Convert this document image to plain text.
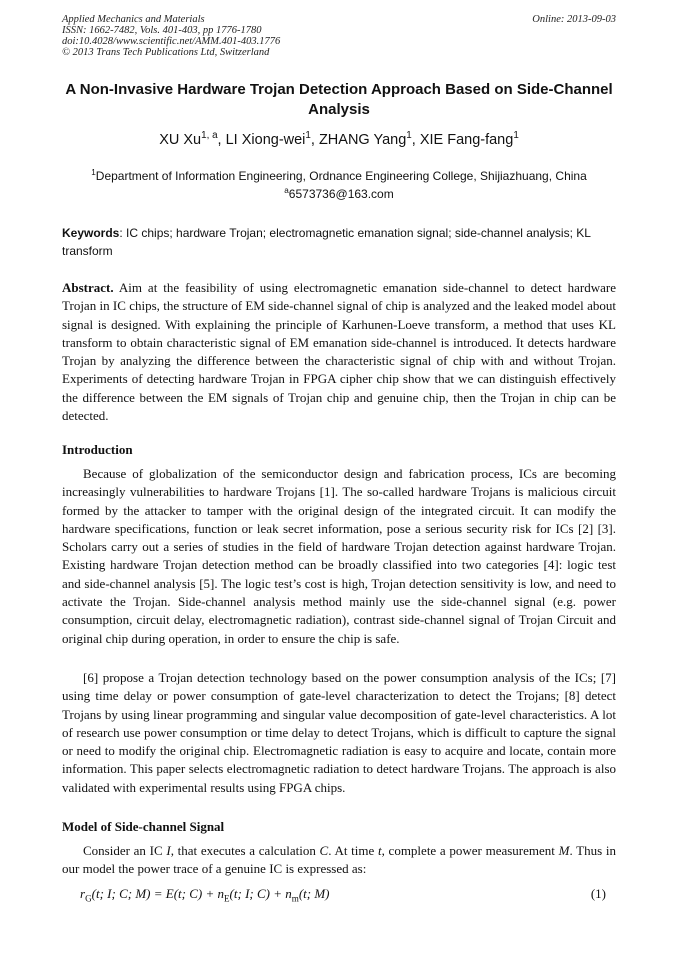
Applied Mechanics and Materials
ISSN: 1662-7482, Vols. 401-403, pp 1776-1780
doi:10.4028/www.scientific.net/AMM.401-403.1776
© 2013 Trans Tech Publications Ltd, Switzerland
Online: 2013-09-03
A Non-Invasive Hardware Trojan Detection Approach Based on Side-Channel Analysis
XU Xu$^{1, a}$, LI Xiong-wei$^1$, ZHANG Yang$^1$, XIE Fang-fang$^1$
$^1$Department of Information Engineering, Ordnance Engineering College, Shijiazhuang, China
$^a$6573736@163.com
Keywords: IC chips; hardware Trojan; electromagnetic emanation signal; side-channel analysis; KL transform
Abstract. Aim at the feasibility of using electromagnetic emanation side-channel to detect hardware Trojan in IC chips, the structure of EM side-channel signal of chip is analyzed and the leaked model about signal is designed. With explaining the principle of Karhunen-Loeve transform, a method that uses KL transform to obtain characteristic signal of EM emanation side-channel is introduced. It detects hardware Trojan by analyzing the difference between the characteristic signal of chip with and without Trojan. Experiments of detecting hardware Trojan in FPGA cipher chip show that we can distinguish effectively the difference between the EM signals of Trojan chip and genuine chip, then the Trojan in chip can be detected.
Introduction
Because of globalization of the semiconductor design and fabrication process, ICs are becoming increasingly vulnerabilities to hardware Trojans [1]. The so-called hardware Trojans is malicious circuit formed by the attacker to tamper with the original design of the integrated circuit. It can modify the hardware specifications, function or leak secret information, pose a serious security risk for ICs [2] [3]. Scholars carry out a series of studies in the field of hardware Trojan detection against hardware Trojan. Existing hardware Trojan detection method can be broadly classified into two categories [4]: logic test and side-channel analysis [5]. The logic test’s cost is high, Trojan detection sensitivity is low, and need to activate the Trojan. Side-channel analysis method mainly use the side-channel signal (e.g. power consumption, circuit delay, electromagnetic radiation), contrast side-channel signal of Trojan Circuit and original chip during operation, in order to ensure the chip is safe.
[6] propose a Trojan detection technology based on the power consumption analysis of the ICs; [7] using time delay or power consumption of gate-level characterization to detect the Trojans; [8] detect Trojans by using linear programming and singular value decomposition of gate-level characteristics. A lot of research use power consumption or time delay to detect Trojans, which is difficult to capture the signal or need to modify the original chip. Electromagnetic radiation is easy to acquire and locate, contain more information. This paper selects electromagnetic radiation to detect hardware Trojans. The approach is also validated with experimental results using FPGA chips.
Model of Side-channel Signal
Consider an IC I, that executes a calculation C. At time t, complete a power measurement M. Thus in our model the power trace of a genuine IC is expressed as:
$r_G(t$; I; C; M) = E(t; $C) + n_E(t$; I; $C) + n_m(t$; M)	(1)
